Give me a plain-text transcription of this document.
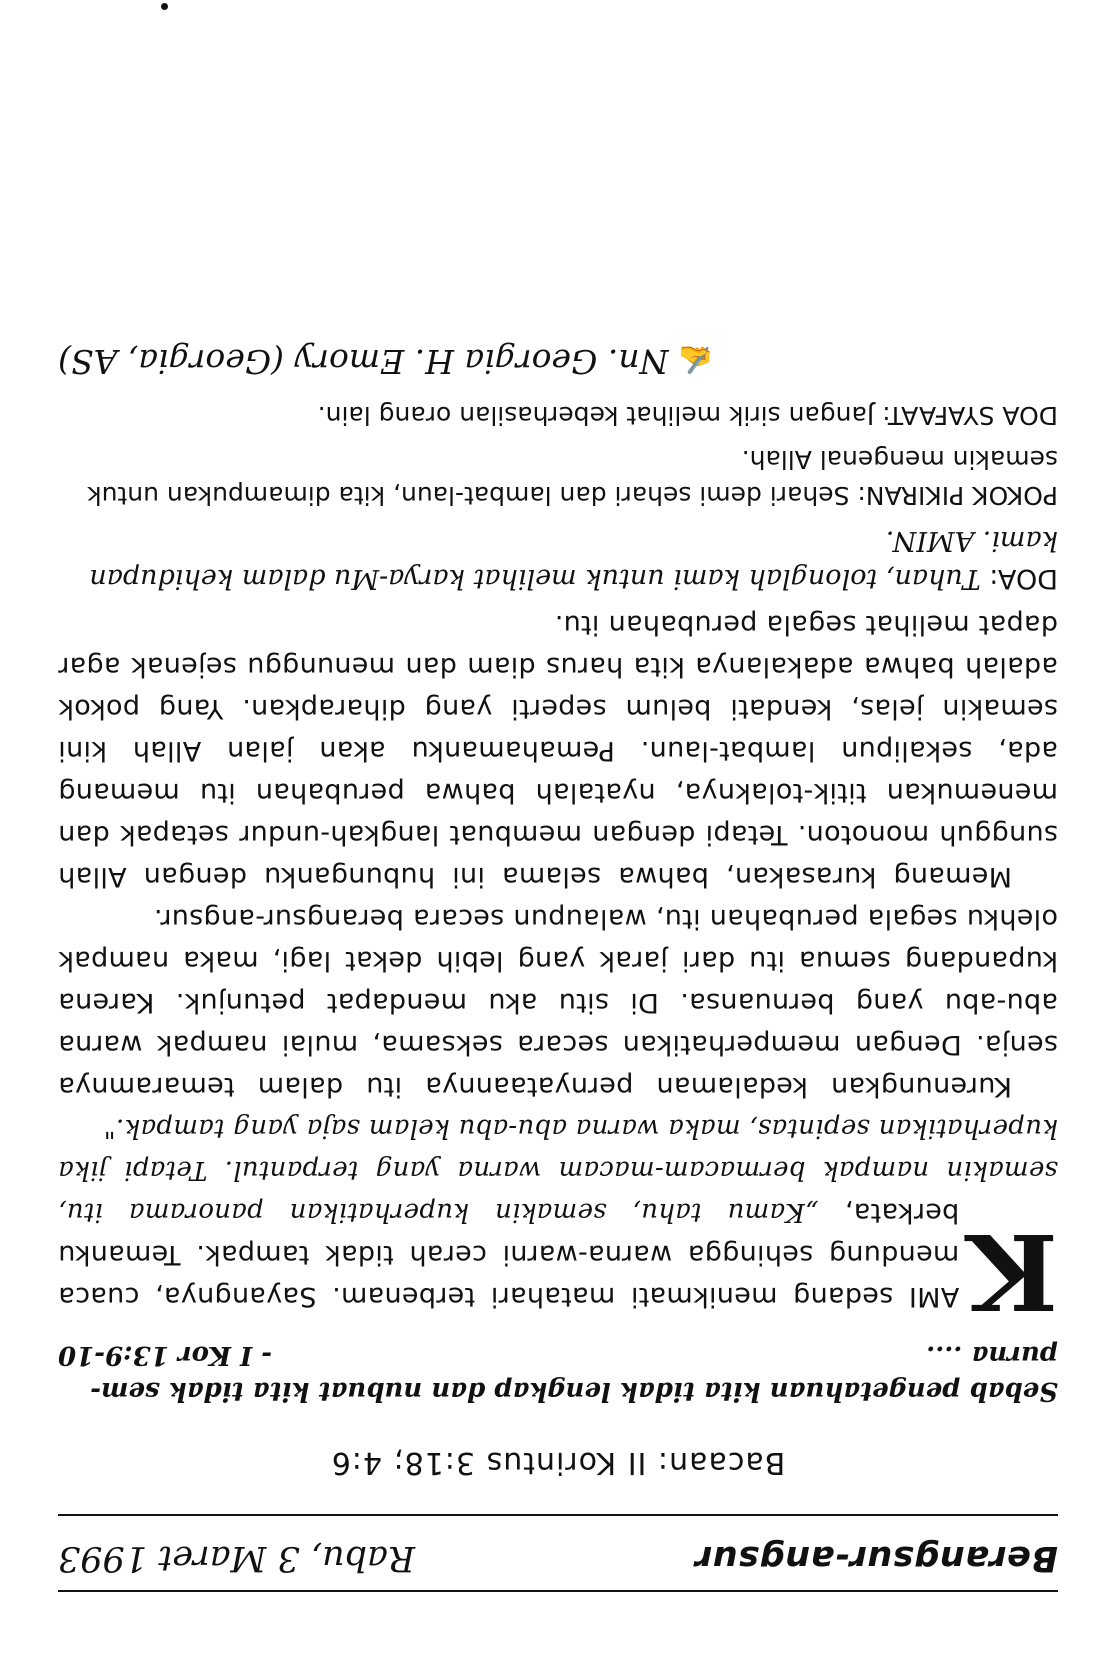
Berangsur-angsur
Rabu, 3 Maret 1993
Bacaan: II Korintus 3:18; 4:6
Sebab pengetahuan kita tidak lengkap dan nubuat kita tidak sem-
purna ....
- I Kor 13:9-10

K
AMI sedang menikmati matahari terbenam. Sayangnya, cuaca mendung sehingga warna-warni cerah tidak tampak. Temanku berkata, „Kamu tahu, semakin kuperhatikan panorama itu, semakin nampak bermacam-macam warna yang terpantul. Tetapi jika kuperhatikan sepintas, maka warna abu-abu kelam saja yang tampak."

Kurenungkan kedalaman pernyataannya itu dalam temaramnya senja. Dengan memperhatikan secara seksama, mulai nampak warna abu-abu yang bernuansa. Di situ aku mendapat petunjuk. Karena kupandang semua itu dari jarak yang lebih dekat lagi, maka nampak olehku segala perubahan itu, walaupun secara berangsur-angsur.

Memang kurasakan, bahwa selama ini hubunganku dengan Allah sungguh monoton. Tetapi dengan membuat langkah-undur setapak dan menemukan titik-tolaknya, nyatalah bahwa perubahan itu memang ada, sekalipun lambat-laun. Pemahamanku akan jalan Allah kini semakin jelas, kendati belum seperti yang diharapkan. Yang pokok adalah bahwa adakalanya kita harus diam dan menunggu sejenak agar dapat melihat segala perubahan itu.

DOA: Tuhan, tolonglah kami untuk melihat karya-Mu dalam kehidupan kami. AMIN.
POKOK PIKIRAN: Sehari demi sehari dan lambat-laun, kita dimampukan untuk semakin mengenal Allah.
DOA SYAFAAT: Jangan sirik melihat keberhasilan orang lain.
✍Nn. Georgia H. Emory (Georgia, AS)
